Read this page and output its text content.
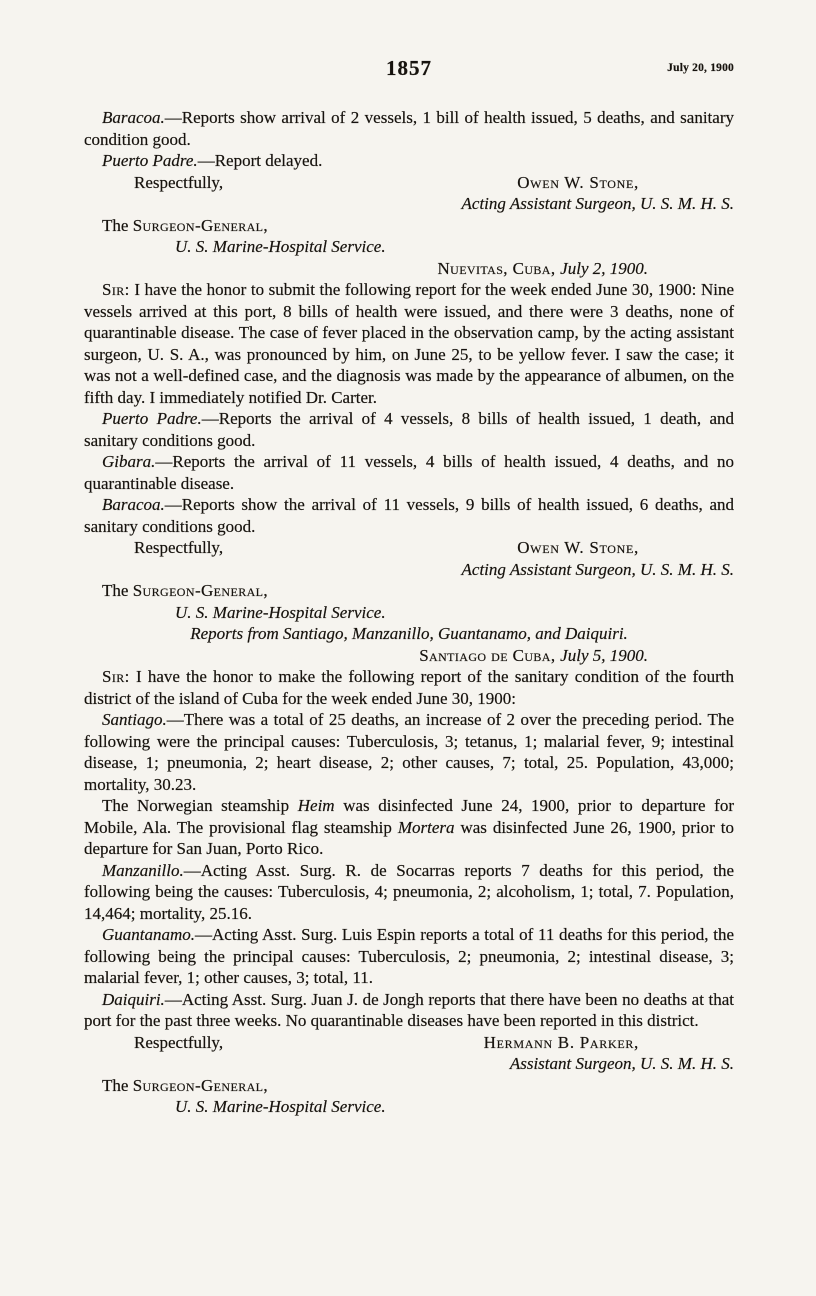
1857	July 20, 1900

Baracoa.—Reports show arrival of 2 vessels, 1 bill of health issued, 5 deaths, and sanitary condition good.

Puerto Padre.—Report delayed.

Respectfully,	Owen W. Stone,

Acting Assistant Surgeon, U. S. M. H. S.

The Surgeon-General,

U. S. Marine-Hospital Service.

Nuevitas, Cuba, July 2, 1900.

Sir: I have the honor to submit the following report for the week ended June 30, 1900: Nine vessels arrived at this port, 8 bills of health were issued, and there were 3 deaths, none of quarantinable disease. The case of fever placed in the observation camp, by the acting assistant surgeon, U. S. A., was pronounced by him, on June 25, to be yellow fever. I saw the case; it was not a well-defined case, and the diagnosis was made by the appearance of albumen, on the fifth day. I immediately notified Dr. Carter.

Puerto Padre.—Reports the arrival of 4 vessels, 8 bills of health issued, 1 death, and sanitary conditions good.

Gibara.—Reports the arrival of 11 vessels, 4 bills of health issued, 4 deaths, and no quarantinable disease.

Baracoa.—Reports show the arrival of 11 vessels, 9 bills of health issued, 6 deaths, and sanitary conditions good.

Respectfully,	Owen W. Stone,

Acting Assistant Surgeon, U. S. M. H. S.

The Surgeon-General,

U. S. Marine-Hospital Service.

Reports from Santiago, Manzanillo, Guantanamo, and Daiquiri.

Santiago de Cuba, July 5, 1900.

Sir: I have the honor to make the following report of the sanitary condition of the fourth district of the island of Cuba for the week ended June 30, 1900:

Santiago.—There was a total of 25 deaths, an increase of 2 over the preceding period. The following were the principal causes: Tuberculosis, 3; tetanus, 1; malarial fever, 9; intestinal disease, 1; pneumonia, 2; heart disease, 2; other causes, 7; total, 25. Population, 43,000; mortality, 30.23.

The Norwegian steamship Heim was disinfected June 24, 1900, prior to departure for Mobile, Ala. The provisional flag steamship Mortera was disinfected June 26, 1900, prior to departure for San Juan, Porto Rico.

Manzanillo.—Acting Asst. Surg. R. de Socarras reports 7 deaths for this period, the following being the causes: Tuberculosis, 4; pneumonia, 2; alcoholism, 1; total, 7. Population, 14,464; mortality, 25.16.

Guantanamo.—Acting Asst. Surg. Luis Espin reports a total of 11 deaths for this period, the following being the principal causes: Tuberculosis, 2; pneumonia, 2; intestinal disease, 3; malarial fever, 1; other causes, 3; total, 11.

Daiquiri.—Acting Asst. Surg. Juan J. de Jongh reports that there have been no deaths at that port for the past three weeks. No quarantinable diseases have been reported in this district.

Respectfully,	Hermann B. Parker,

Assistant Surgeon, U. S. M. H. S.

The Surgeon-General,

U. S. Marine-Hospital Service.
